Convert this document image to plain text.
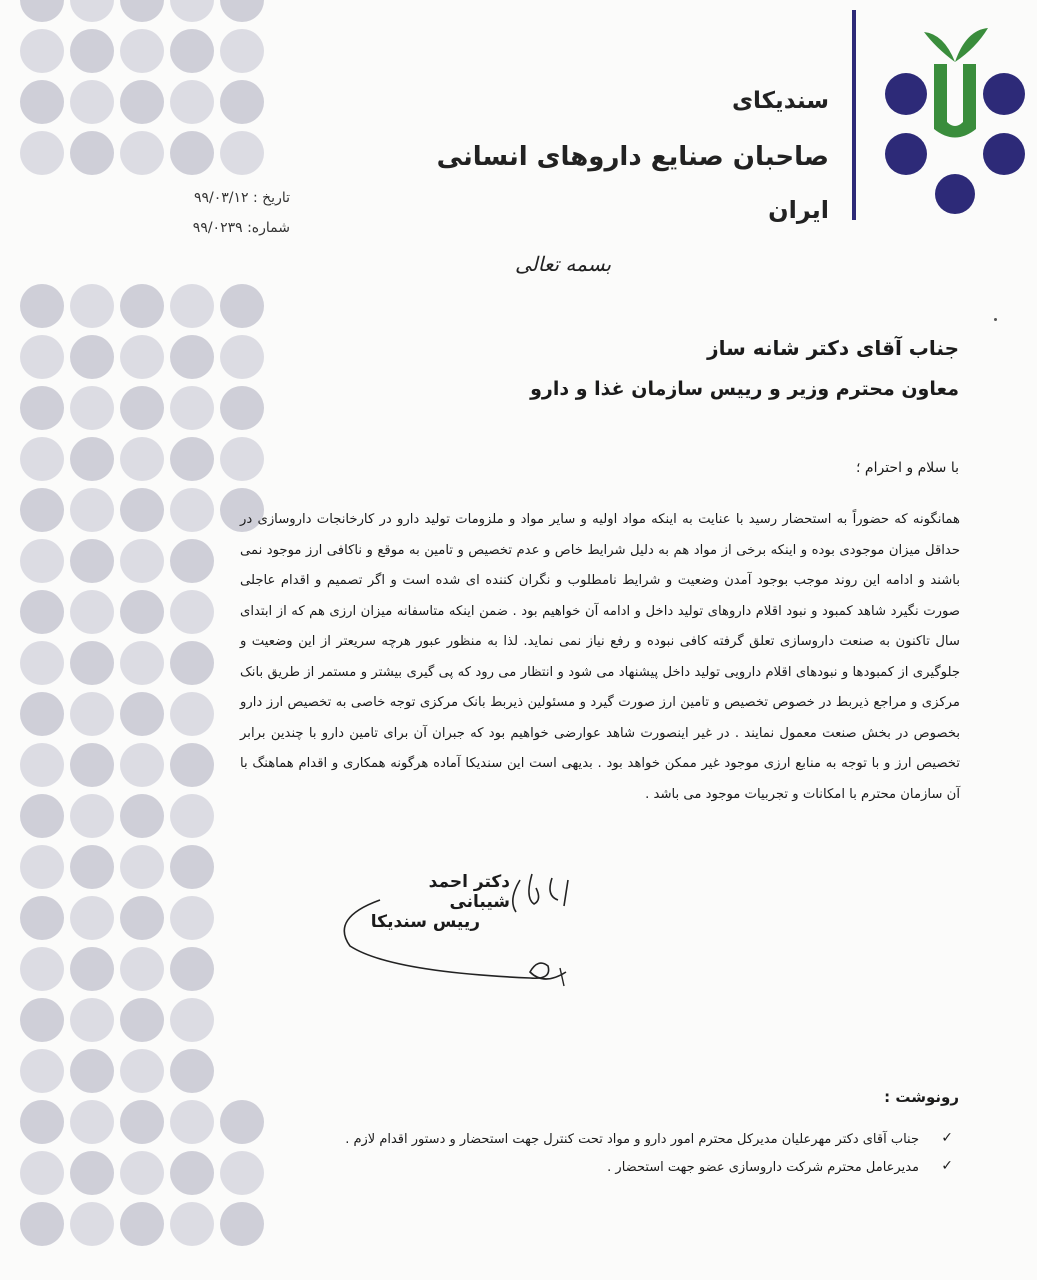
سندیکای
صاحبان صنایع داروهای انسانی
ایران
تاریخ : ۹۹/۰۳/۱۲
شماره: ۹۹/۰۲۳۹
بسمه تعالی
جناب آقای دکتر شانه ساز
معاون محترم وزیر و رییس سازمان غذا و دارو
با سلام و احترام ؛
همانگونه که حضوراً به استحضار رسید با عنایت به اینکه مواد اولیه و سایر مواد و ملزومات تولید دارو در کارخانجات داروسازی در حداقل میزان موجودی بوده و اینکه برخی از مواد هم به دلیل شرایط خاص و عدم تخصیص و تامین به موقع و ناکافی ارز موجود نمی باشند و ادامه این روند موجب بوجود آمدن وضعیت و شرایط نامطلوب و نگران کننده ای شده است و اگر تصمیم و اقدام عاجلی صورت نگیرد شاهد کمبود و نبود اقلام داروهای تولید داخل و ادامه آن خواهیم بود . ضمن اینکه متاسفانه میزان ارزی هم که از ابتدای سال تاکنون به صنعت داروسازی تعلق گرفته کافی نبوده و رفع نیاز نمی نماید. لذا به منظور عبور هرچه سریعتر از این وضعیت و جلوگیری از کمبودها و نبودهای اقلام دارویی تولید داخل پیشنهاد می شود و انتظار می رود که پی گیری بیشتر و مستمر از طریق بانک مرکزی و مراجع ذیربط در خصوص تخصیص و تامین ارز صورت گیرد و مسئولین ذیربط بانک مرکزی توجه خاصی به تخصیص ارز دارو بخصوص در بخش صنعت معمول نمایند . در غیر اینصورت شاهد عوارضی خواهیم بود که جبران آن برای تامین دارو با چندین برابر تخصیص ارز و با توجه به منابع ارزی موجود غیر ممکن خواهد بود . بدیهی است این سندیکا آماده هرگونه همکاری و اقدام هماهنگ با آن سازمان محترم با امکانات و تجربیات موجود می باشد .
دکتر احمد شیبانی
رییس سندیکا
رونوشت :
✓
جناب آقای دکتر مهرعلیان مدیرکل محترم امور دارو و مواد تحت کنترل جهت استحضار و دستور اقدام لازم .
✓
مدیرعامل محترم شرکت داروسازی عضو جهت استحضار .
